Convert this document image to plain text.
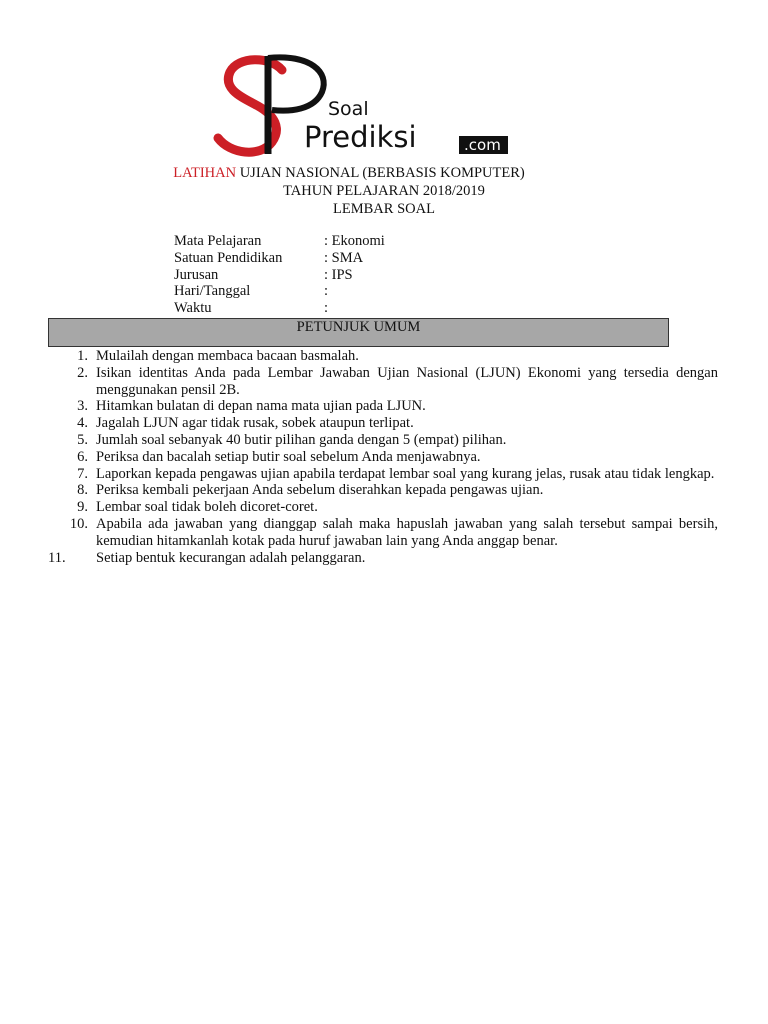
Soal
Prediksi	.com
LATIHAN UJIAN NASIONAL (BERBASIS KOMPUTER)
TAHUN PELAJARAN 2018/2019
LEMBAR SOAL
Mata Pelajaran	: Ekonomi
Satuan Pendidikan	: SMA
Jurusan	: IPS
Hari/Tanggal	:
Waktu	:
PETUNJUK UMUM
1. Mulailah dengan membaca bacaan basmalah.
2. Isikan identitas Anda pada Lembar Jawaban Ujian Nasional (LJUN) Ekonomi yang tersedia dengan menggunakan pensil 2B.
3. Hitamkan bulatan di depan nama mata ujian pada LJUN.
4. Jagalah LJUN agar tidak rusak, sobek ataupun terlipat.
5. Jumlah soal sebanyak 40 butir pilihan ganda dengan 5 (empat) pilihan.
6. Periksa dan bacalah setiap butir soal sebelum Anda menjawabnya.
7. Laporkan kepada pengawas ujian apabila terdapat lembar soal yang kurang jelas, rusak atau tidak lengkap.
8. Periksa kembali pekerjaan Anda sebelum diserahkan kepada pengawas ujian.
9. Lembar soal tidak boleh dicoret-coret.
10. Apabila ada jawaban yang dianggap salah maka hapuslah jawaban yang salah tersebut sampai bersih, kemudian hitamkanlah kotak pada huruf jawaban lain yang Anda anggap benar.
11.	Setiap bentuk kecurangan adalah pelanggaran.
